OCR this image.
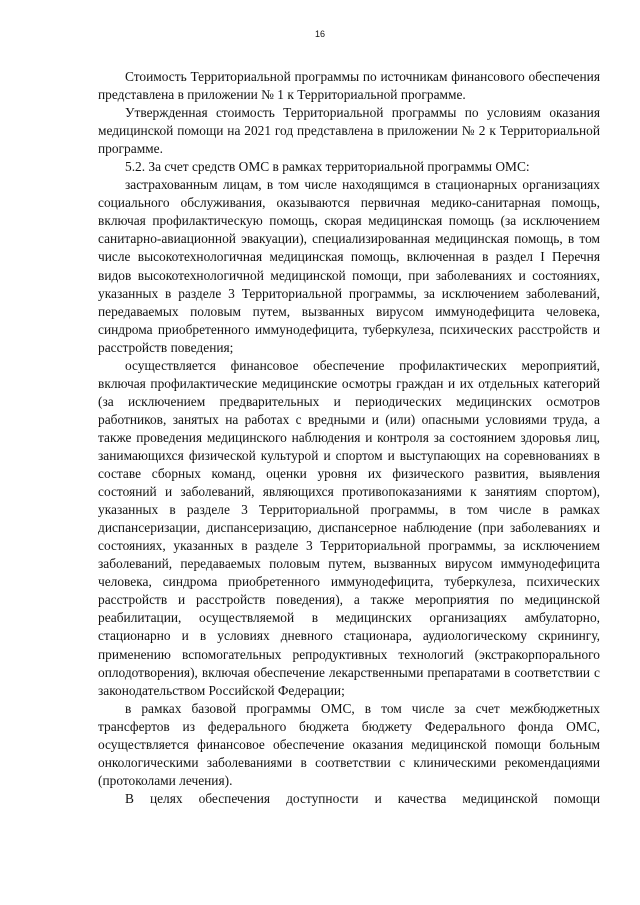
16

Стоимость Территориальной программы по источникам финансового обеспечения представлена в приложении № 1 к Территориальной программе.

Утвержденная стоимость Территориальной программы по условиям оказания медицинской помощи на 2021 год представлена в приложении № 2 к Территориальной программе.

5.2. За счет средств ОМС в рамках территориальной программы ОМС:

застрахованным лицам, в том числе находящимся в стационарных организациях социального обслуживания, оказываются первичная медико-санитарная помощь, включая профилактическую помощь, скорая медицинская помощь (за исключением санитарно-авиационной эвакуации), специализированная медицинская помощь, в том числе высокотехнологичная медицинская помощь, включенная в раздел I Перечня видов высокотехнологичной медицинской помощи, при заболеваниях и состояниях, указанных в разделе 3 Территориальной программы, за исключением заболеваний, передаваемых половым путем, вызванных вирусом иммунодефицита человека, синдрома приобретенного иммунодефицита, туберкулеза, психических расстройств и расстройств поведения;

осуществляется финансовое обеспечение профилактических мероприятий, включая профилактические медицинские осмотры граждан и их отдельных категорий (за исключением предварительных и периодических медицинских осмотров работников, занятых на работах с вредными и (или) опасными условиями труда, а также проведения медицинского наблюдения и контроля за состоянием здоровья лиц, занимающихся физической культурой и спортом и выступающих на соревнованиях в составе сборных команд, оценки уровня их физического развития, выявления состояний и заболеваний, являющихся противопоказаниями к занятиям спортом), указанных в разделе 3 Территориальной программы, в том числе в рамках диспансеризации, диспансеризацию, диспансерное наблюдение (при заболеваниях и состояниях, указанных в разделе 3 Территориальной программы, за исключением заболеваний, передаваемых половым путем, вызванных вирусом иммунодефицита человека, синдрома приобретенного иммунодефицита, туберкулеза, психических расстройств и расстройств поведения), а также мероприятия по медицинской реабилитации, осуществляемой в медицинских организациях амбулаторно, стационарно и в условиях дневного стационара, аудиологическому скринингу, применению вспомогательных репродуктивных технологий (экстракорпорального оплодотворения), включая обеспечение лекарственными препаратами в соответствии с законодательством Российской Федерации;

в рамках базовой программы ОМС, в том числе за счет межбюджетных трансфертов из федерального бюджета бюджету Федерального фонда ОМС, осуществляется финансовое обеспечение оказания медицинской помощи больным онкологическими заболеваниями в соответствии с клиническими рекомендациями (протоколами лечения).

В целях обеспечения доступности и качества медицинской помощи
